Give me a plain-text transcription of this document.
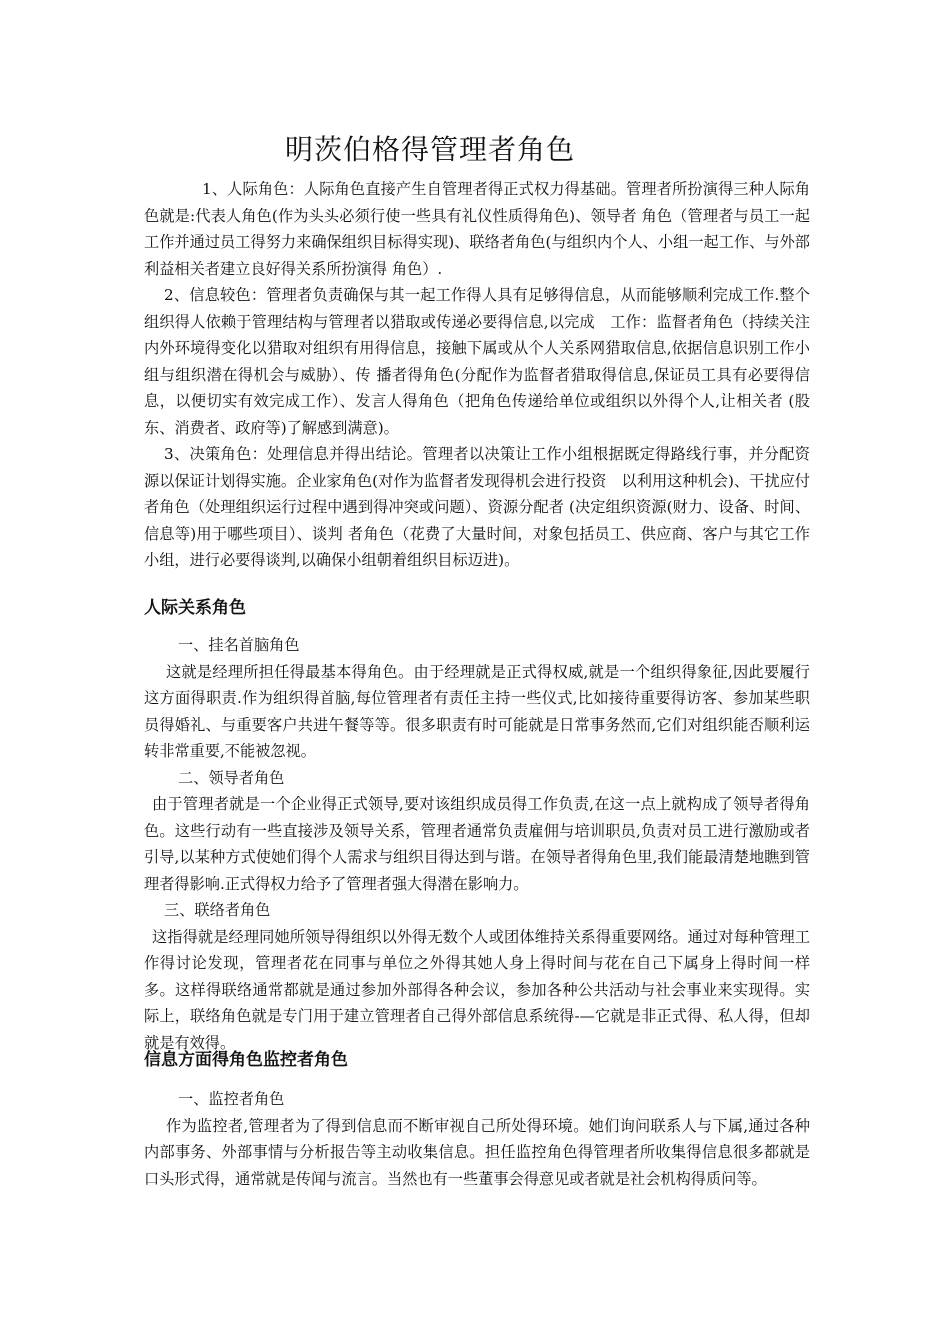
明茨伯格得管理者角色

1、人际角色：人际角色直接产生自管理者得正式权力得基础。管理者所扮演得三种人际角色就是:代表人角色(作为头头必须行使一些具有礼仪性质得角色)、领导者 角色（管理者与员工一起工作并通过员工得努力来确保组织目标得实现)、联络者角色(与组织内个人、小组一起工作、与外部利益相关者建立良好得关系所扮演得 角色）.

2、信息较色：管理者负责确保与其一起工作得人具有足够得信息，从而能够顺利完成工作.整个组织得人依赖于管理结构与管理者以猎取或传递必要得信息,以完成　工作：监督者角色（持续关注内外环境得变化以猎取对组织有用得信息，接触下属或从个人关系网猎取信息,依据信息识别工作小组与组织潜在得机会与威胁）、传 播者得角色(分配作为监督者猎取得信息,保证员工具有必要得信息，以便切实有效完成工作）、发言人得角色（把角色传递给单位或组织以外得个人,让相关者 (股东、消费者、政府等)了解感到满意)。

3、决策角色：处理信息并得出结论。管理者以决策让工作小组根据既定得路线行事，并分配资源以保证计划得实施。企业家角色(对作为监督者发现得机会进行投资　以利用这种机会)、干扰应付者角色（处理组织运行过程中遇到得冲突或问题）、资源分配者 (决定组织资源(财力、设备、时间、信息等)用于哪些项目）、谈判 者角色（花费了大量时间，对象包括员工、供应商、客户与其它工作小组，进行必要得谈判,以确保小组朝着组织目标迈进)。

人际关系角色

一、挂名首脑角色

这就是经理所担任得最基本得角色。由于经理就是正式得权威,就是一个组织得象征,因此要履行这方面得职责.作为组织得首脑,每位管理者有责任主持一些仪式,比如接待重要得访客、参加某些职员得婚礼、与重要客户共进午餐等等。很多职责有时可能就是日常事务然而,它们对组织能否顺利运转非常重要,不能被忽视。

二、领导者角色

由于管理者就是一个企业得正式领导,要对该组织成员得工作负责,在这一点上就构成了领导者得角色。这些行动有一些直接涉及领导关系，管理者通常负责雇佣与培训职员,负责对员工进行激励或者引导,以某种方式使她们得个人需求与组织目得达到与谐。在领导者得角色里,我们能最清楚地瞧到管理者得影响.正式得权力给予了管理者强大得潜在影响力。

三、联络者角色

这指得就是经理同她所领导得组织以外得无数个人或团体维持关系得重要网络。通过对每种管理工作得讨论发现，管理者花在同事与单位之外得其她人身上得时间与花在自己下属身上得时间一样多。这样得联络通常都就是通过参加外部得各种会议，参加各种公共活动与社会事业来实现得。实际上，联络角色就是专门用于建立管理者自己得外部信息系统得-—它就是非正式得、私人得，但却就是有效得。

信息方面得角色监控者角色

一、监控者角色

作为监控者,管理者为了得到信息而不断审视自己所处得环境。她们询问联系人与下属,通过各种内部事务、外部事情与分析报告等主动收集信息。担任监控角色得管理者所收集得信息很多都就是口头形式得，通常就是传闻与流言。当然也有一些董事会得意见或者就是社会机构得质问等。
